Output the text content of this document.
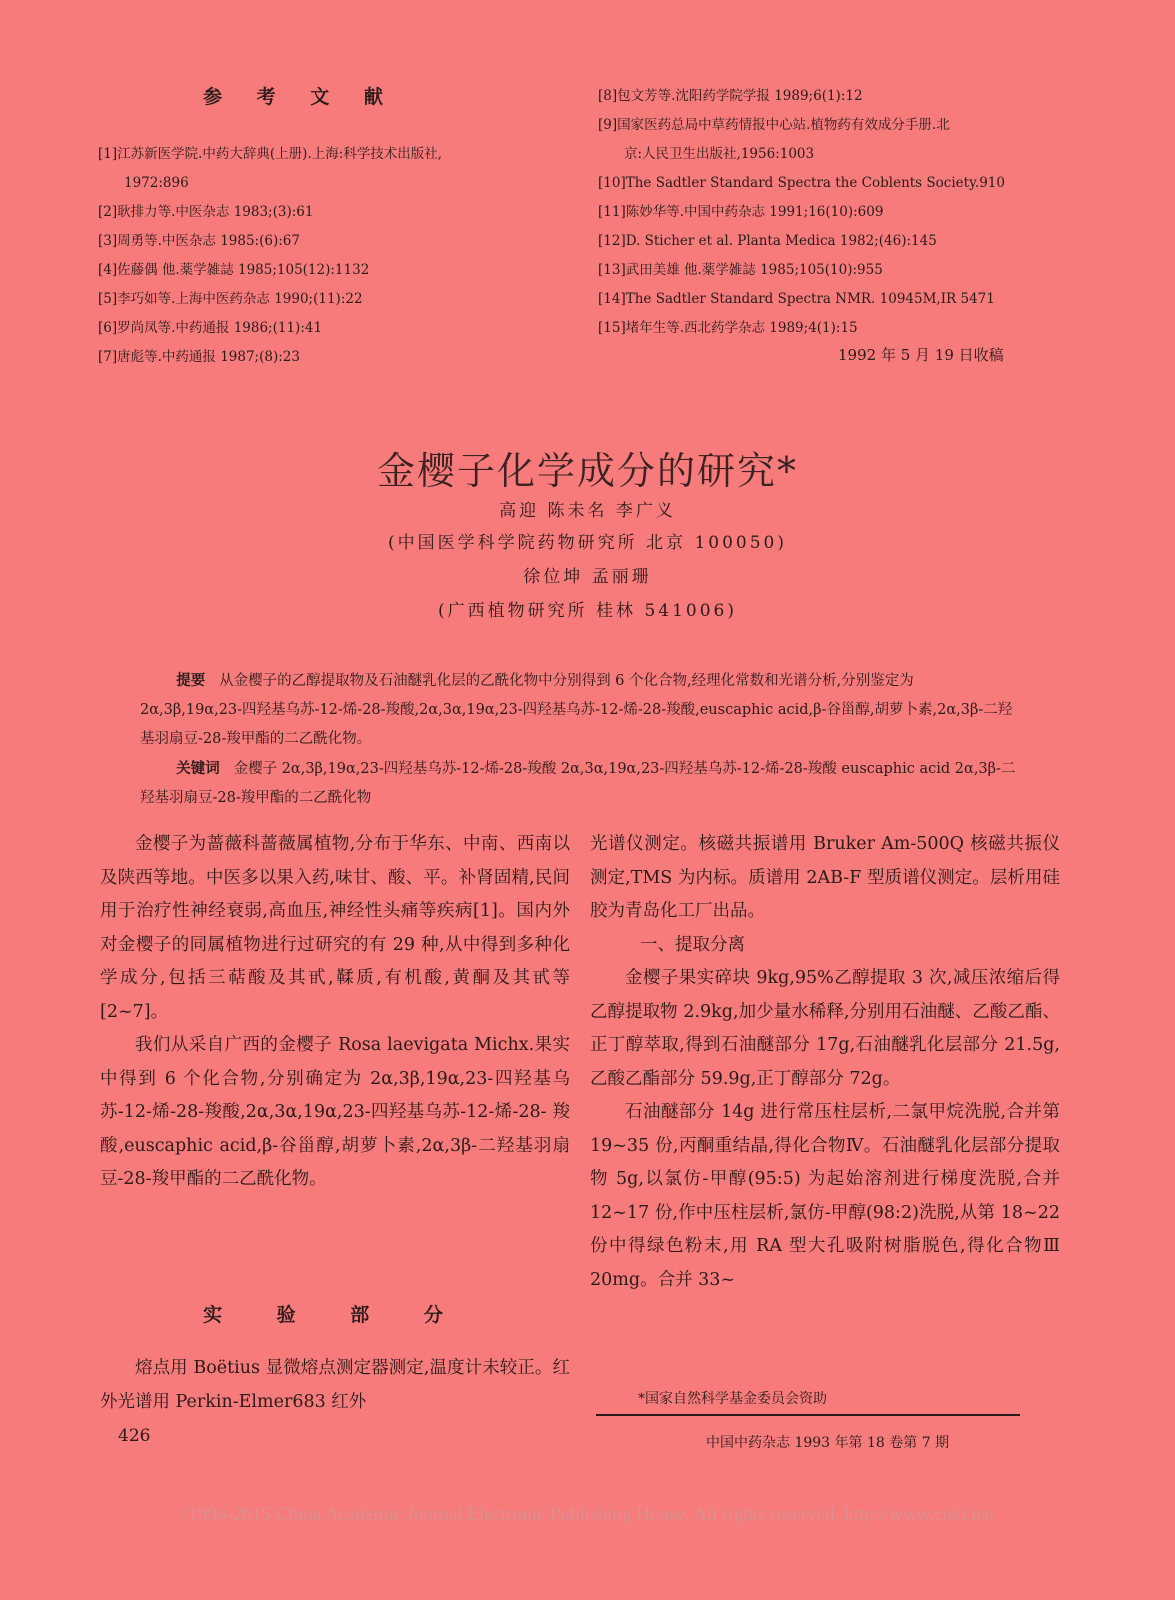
参 考 文 献
[1]江苏新医学院.中药大辞典(上册).上海:科学技术出版社,
1972:896
[2]耿排力等.中医杂志 1983;(3):61
[3]周勇等.中医杂志 1985:(6):67
[4]佐藤偶 他.薬学雑誌 1985;105(12):1132
[5]李巧如等.上海中医药杂志 1990;(11):22
[6]罗尚凤等.中药通报 1986;(11):41
[7]唐彪等.中药通报 1987;(8):23
[8]包文芳等.沈阳药学院学报 1989;6(1):12
[9]国家医药总局中草药情报中心站.植物药有效成分手册.北
京:人民卫生出版社,1956:1003
[10]The Sadtler Standard Spectra the Coblents Society.910
[11]陈妙华等.中国中药杂志 1991;16(10):609
[12]D. Sticher et al. Planta Medica 1982;(46):145
[13]武田美雄 他.薬学雑誌 1985;105(10):955
[14]The Sadtler Standard Spectra NMR. 10945M,IR 5471
[15]堵年生等.西北药学杂志 1989;4(1):15
1992 年 5 月 19 日收稿
金樱子化学成分的研究*
高迎 陈未名 李广义
(中国医学科学院药物研究所 北京 100050)
徐位坤 孟丽珊
(广西植物研究所 桂林 541006)
提要 从金樱子的乙醇提取物及石油醚乳化层的乙酰化物中分别得到 6 个化合物,经理化常数和光谱分析,分别鉴定为 2α,3β,19α,23-四羟基乌苏-12-烯-28-羧酸,2α,3α,19α,23-四羟基乌苏-12-烯-28-羧酸,euscaphic acid,β-谷甾醇,胡萝卜素,2α,3β-二羟基羽扇豆-28-羧甲酯的二乙酰化物。
关键词 金樱子 2α,3β,19α,23-四羟基乌苏-12-烯-28-羧酸 2α,3α,19α,23-四羟基乌苏-12-烯-28-羧酸 euscaphic acid 2α,3β-二羟基羽扇豆-28-羧甲酯的二乙酰化物

金樱子为蔷薇科蔷薇属植物,分布于华东、中南、西南以及陕西等地。中医多以果入药,味甘、酸、平。补肾固精,民间用于治疗性神经衰弱,高血压,神经性头痛等疾病[1]。国内外对金樱子的同属植物进行过研究的有 29 种,从中得到多种化学成分,包括三萜酸及其甙,鞣质,有机酸,黄酮及其甙等[2~7]。

我们从采自广西的金樱子 Rosa laevigata Michx.果实中得到 6 个化合物,分别确定为 2α,3β,19α,23-四羟基乌苏-12-烯-28-羧酸,2α,3α,19α,23-四羟基乌苏-12-烯-28- 羧酸,euscaphic acid,β-谷甾醇,胡萝卜素,2α,3β-二羟基羽扇豆-28-羧甲酯的二乙酰化物。

实 验 部 分

熔点用 Boëtius 显微熔点测定器测定,温度计未较正。红外光谱用 Perkin-Elmer683 红外

光谱仪测定。核磁共振谱用 Bruker Am-500Q 核磁共振仪测定,TMS 为内标。质谱用 2AB-F 型质谱仪测定。层析用硅胶为青岛化工厂出品。

一、提取分离

金樱子果实碎块 9kg,95%乙醇提取 3 次,减压浓缩后得乙醇提取物 2.9kg,加少量水稀释,分别用石油醚、乙酸乙酯、正丁醇萃取,得到石油醚部分 17g,石油醚乳化层部分 21.5g,乙酸乙酯部分 59.9g,正丁醇部分 72g。

石油醚部分 14g 进行常压柱层析,二氯甲烷洗脱,合并第 19~35 份,丙酮重结晶,得化合物Ⅳ。石油醚乳化层部分提取物 5g,以氯仿-甲醇(95:5) 为起始溶剂进行梯度洗脱,合并 12~17 份,作中压柱层析,氯仿-甲醇(98:2)洗脱,从第 18~22 份中得绿色粉末,用 RA 型大孔吸附树脂脱色,得化合物Ⅲ 20mg。合并 33~

*国家自然科学基金委员会资助
426	中国中药杂志 1993 年第 18 卷第 7 期
?1994-2015 China Academic Journal Electronic Publishing House. All rights reserved. http://www.cnki.net
